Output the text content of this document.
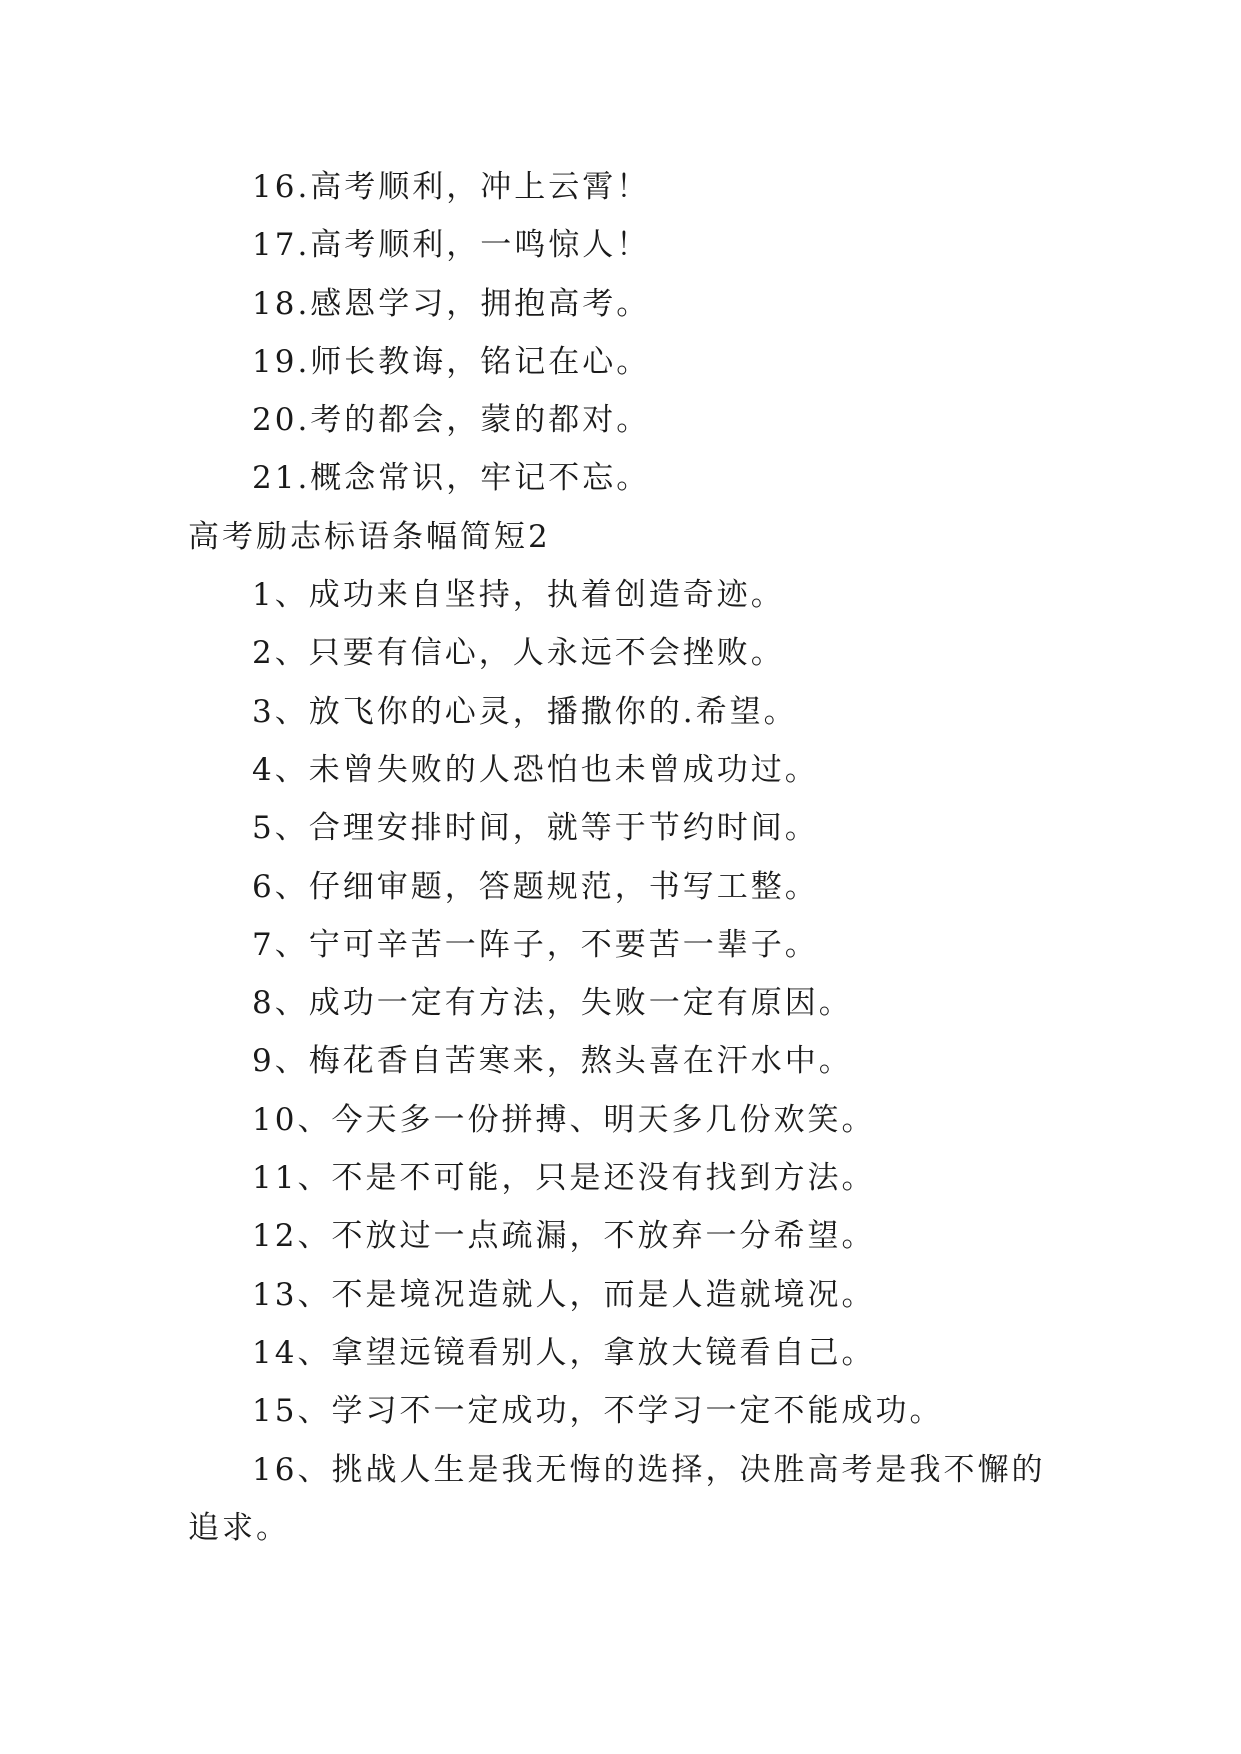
16.高考顺利，冲上云霄！

17.高考顺利，一鸣惊人！

18.感恩学习，拥抱高考。

19.师长教诲，铭记在心。

20.考的都会，蒙的都对。

21.概念常识，牢记不忘。

高考励志标语条幅简短2

1、成功来自坚持，执着创造奇迹。

2、只要有信心，人永远不会挫败。

3、放飞你的心灵，播撒你的.希望。

4、未曾失败的人恐怕也未曾成功过。

5、合理安排时间，就等于节约时间。

6、仔细审题，答题规范，书写工整。

7、宁可辛苦一阵子，不要苦一辈子。

8、成功一定有方法，失败一定有原因。

9、梅花香自苦寒来，熬头喜在汗水中。

10、今天多一份拼搏、明天多几份欢笑。

11、不是不可能，只是还没有找到方法。

12、不放过一点疏漏，不放弃一分希望。

13、不是境况造就人，而是人造就境况。

14、拿望远镜看别人，拿放大镜看自己。

15、学习不一定成功，不学习一定不能成功。

16、挑战人生是我无悔的选择，决胜高考是我不懈的追求。
